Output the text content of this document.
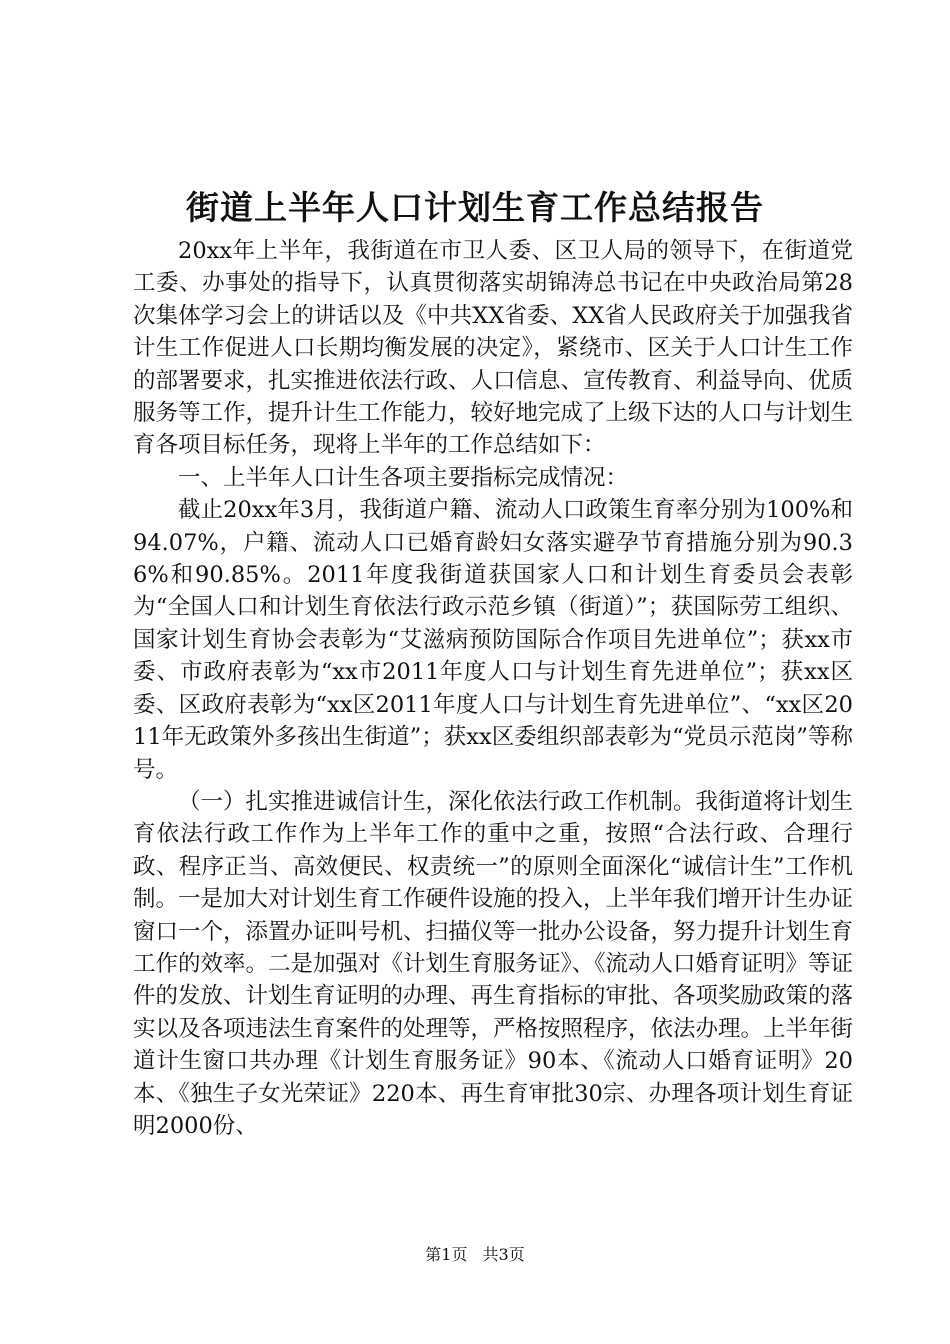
街道上半年人口计划生育工作总结报告

20xx年上半年，我街道在市卫人委、区卫人局的领导下，在街道党工委、办事处的指导下，认真贯彻落实胡锦涛总书记在中央政治局第28次集体学习会上的讲话以及《中共XX省委、XX省人民政府关于加强我省计生工作促进人口长期均衡发展的决定》，紧绕市、区关于人口计生工作的部署要求，扎实推进依法行政、人口信息、宣传教育、利益导向、优质服务等工作，提升计生工作能力，较好地完成了上级下达的人口与计划生育各项目标任务，现将上半年的工作总结如下：

一、上半年人口计生各项主要指标完成情况：

截止20xx年3月，我街道户籍、流动人口政策生育率分别为100%和94.07%，户籍、流动人口已婚育龄妇女落实避孕节育措施分别为90.36%和90.85%。2011年度我街道获国家人口和计划生育委员会表彰为“全国人口和计划生育依法行政示范乡镇（街道）”；获国际劳工组织、国家计划生育协会表彰为“艾滋病预防国际合作项目先进单位”；获xx市委、市政府表彰为“xx市2011年度人口与计划生育先进单位”；获xx区委、区政府表彰为“xx区2011年度人口与计划生育先进单位”、“xx区2011年无政策外多孩出生街道”；获xx区委组织部表彰为“党员示范岗”等称号。

（一）扎实推进诚信计生，深化依法行政工作机制。我街道将计划生育依法行政工作作为上半年工作的重中之重，按照“合法行政、合理行政、程序正当、高效便民、权责统一”的原则全面深化“诚信计生”工作机制。一是加大对计划生育工作硬件设施的投入，上半年我们增开计生办证窗口一个，添置办证叫号机、扫描仪等一批办公设备，努力提升计划生育工作的效率。二是加强对《计划生育服务证》、《流动人口婚育证明》等证件的发放、计划生育证明的办理、再生育指标的审批、各项奖励政策的落实以及各项违法生育案件的处理等，严格按照程序，依法办理。上半年街道计生窗口共办理《计划生育服务证》90本、《流动人口婚育证明》20本、《独生子女光荣证》220本、再生育审批30宗、办理各项计划生育证明2000份、

第1页 共3页
